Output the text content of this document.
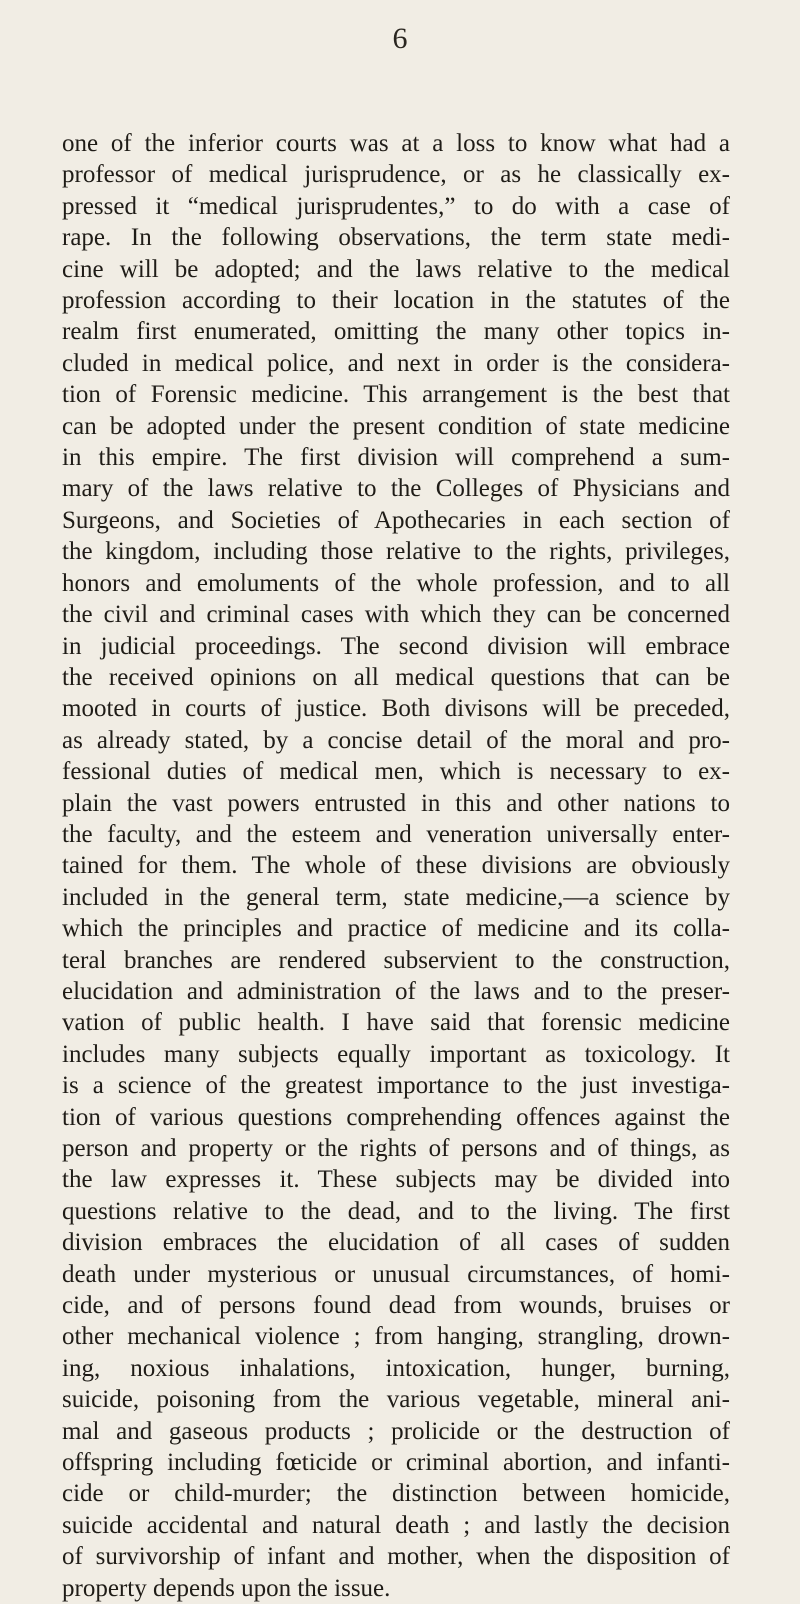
6
one of the inferior courts was at a loss to know what had a
professor of medical jurisprudence, or as he classically ex-
pressed it “medical jurisprudentes,” to do with a case of
rape. In the following observations, the term state medi-
cine will be adopted; and the laws relative to the medical
profession according to their location in the statutes of the
realm first enumerated, omitting the many other topics in-
cluded in medical police, and next in order is the considera-
tion of Forensic medicine. This arrangement is the best that
can be adopted under the present condition of state medicine
in this empire. The first division will comprehend a sum-
mary of the laws relative to the Colleges of Physicians and
Surgeons, and Societies of Apothecaries in each section of
the kingdom, including those relative to the rights, privileges,
honors and emoluments of the whole profession, and to all
the civil and criminal cases with which they can be concerned
in judicial proceedings. The second division will embrace
the received opinions on all medical questions that can be
mooted in courts of justice. Both divisons will be preceded,
as already stated, by a concise detail of the moral and pro-
fessional duties of medical men, which is necessary to ex-
plain the vast powers entrusted in this and other nations to
the faculty, and the esteem and veneration universally enter-
tained for them. The whole of these divisions are obviously
included in the general term, state medicine,—a science by
which the principles and practice of medicine and its colla-
teral branches are rendered subservient to the construction,
elucidation and administration of the laws and to the preser-
vation of public health. I have said that forensic medicine
includes many subjects equally important as toxicology. It
is a science of the greatest importance to the just investiga-
tion of various questions comprehending offences against the
person and property or the rights of persons and of things, as
the law expresses it. These subjects may be divided into
questions relative to the dead, and to the living. The first
division embraces the elucidation of all cases of sudden
death under mysterious or unusual circumstances, of homi-
cide, and of persons found dead from wounds, bruises or
other mechanical violence ; from hanging, strangling, drown-
ing, noxious inhalations, intoxication, hunger, burning,
suicide, poisoning from the various vegetable, mineral ani-
mal and gaseous products ; prolicide or the destruction of
offspring including fœticide or criminal abortion, and infanti-
cide or child-murder; the distinction between homicide,
suicide accidental and natural death ; and lastly the decision
of survivorship of infant and mother, when the disposition of
property depends upon the issue.
